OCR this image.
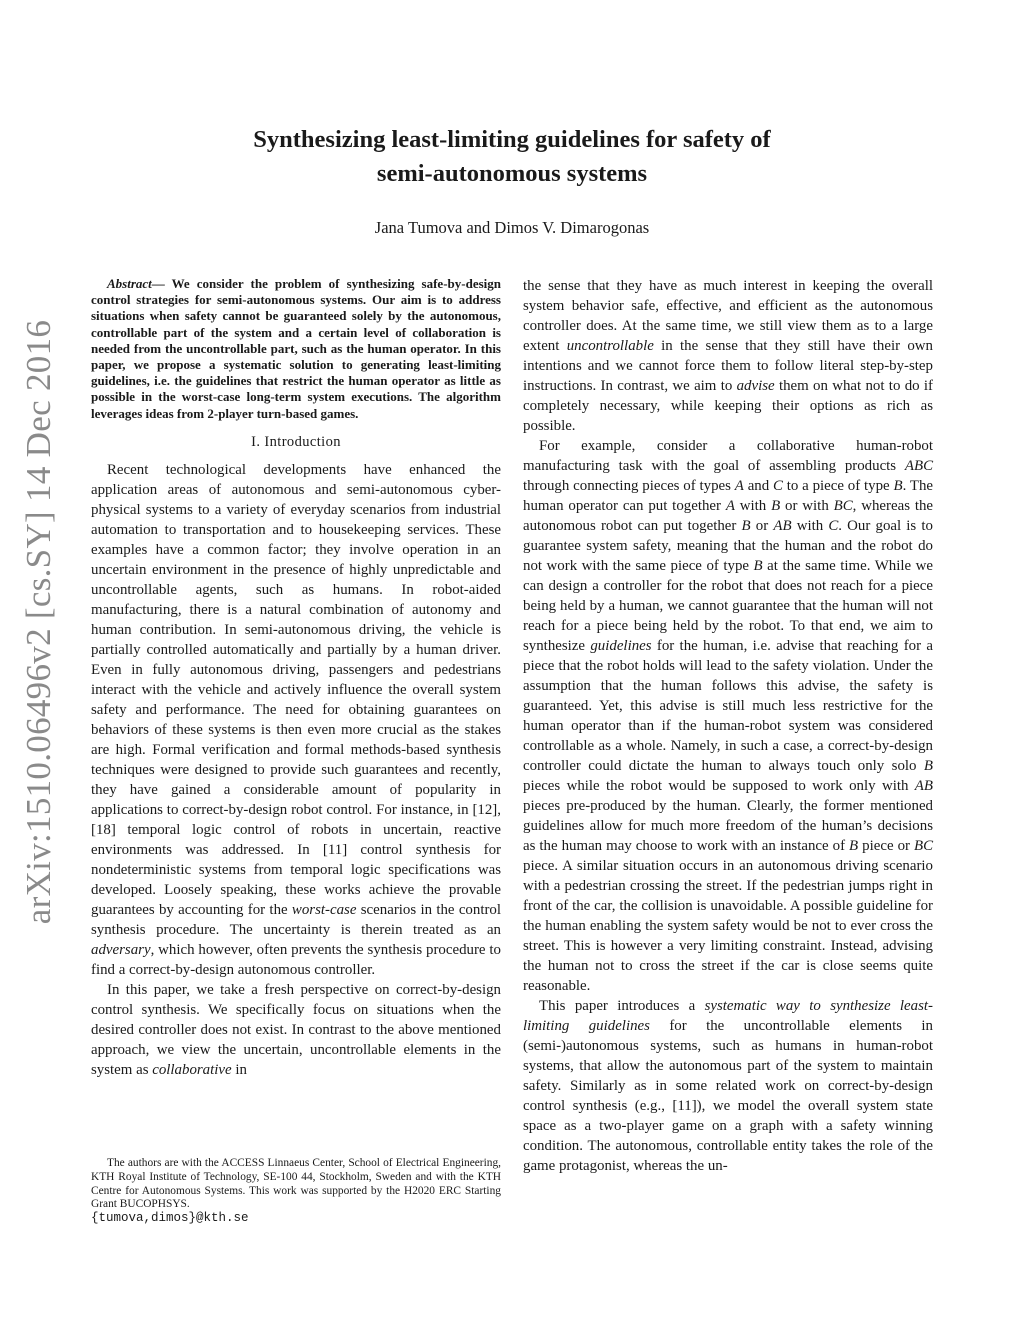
arXiv:1510.06496v2 [cs.SY] 14 Dec 2016
Synthesizing least-limiting guidelines for safety of
semi-autonomous systems
Jana Tumova and Dimos V. Dimarogonas

Abstract— We consider the problem of synthesizing safe-by-design control strategies for semi-autonomous systems. Our aim is to address situations when safety cannot be guaranteed solely by the autonomous, controllable part of the system and a certain level of collaboration is needed from the uncontrollable part, such as the human operator. In this paper, we propose a systematic solution to generating least-limiting guidelines, i.e. the guidelines that restrict the human operator as little as possible in the worst-case long-term system executions. The algorithm leverages ideas from 2-player turn-based games.

I. Introduction

Recent technological developments have enhanced the application areas of autonomous and semi-autonomous cyber-physical systems to a variety of everyday scenarios from industrial automation to transportation and to housekeeping services. These examples have a common factor; they involve operation in an uncertain environment in the presence of highly unpredictable and uncontrollable agents, such as humans. In robot-aided manufacturing, there is a natural combination of autonomy and human contribution. In semi-autonomous driving, the vehicle is partially controlled automatically and partially by a human driver. Even in fully autonomous driving, passengers and pedestrians interact with the vehicle and actively influence the overall system safety and performance. The need for obtaining guarantees on behaviors of these systems is then even more crucial as the stakes are high. Formal verification and formal methods-based synthesis techniques were designed to provide such guarantees and recently, they have gained a considerable amount of popularity in applications to correct-by-design robot control. For instance, in [12], [18] temporal logic control of robots in uncertain, reactive environments was addressed. In [11] control synthesis for nondeterministic systems from temporal logic specifications was developed. Loosely speaking, these works achieve the provable guarantees by accounting for the worst-case scenarios in the control synthesis procedure. The uncertainty is therein treated as an adversary, which however, often prevents the synthesis procedure to find a correct-by-design autonomous controller.

In this paper, we take a fresh perspective on correct-by-design control synthesis. We specifically focus on situations when the desired controller does not exist. In contrast to the above mentioned approach, we view the uncertain, uncontrollable elements in the system as collaborative in

The authors are with the ACCESS Linnaeus Center, School of Electrical Engineering, KTH Royal Institute of Technology, SE-100 44, Stockholm, Sweden and with the KTH Centre for Autonomous Systems. This work was supported by the H2020 ERC Starting Grant BUCOPHSYS.
{tumova,dimos}@kth.se

the sense that they have as much interest in keeping the overall system behavior safe, effective, and efficient as the autonomous controller does. At the same time, we still view them as to a large extent uncontrollable in the sense that they still have their own intentions and we cannot force them to follow literal step-by-step instructions. In contrast, we aim to advise them on what not to do if completely necessary, while keeping their options as rich as possible.

For example, consider a collaborative human-robot manufacturing task with the goal of assembling products ABC through connecting pieces of types A and C to a piece of type B. The human operator can put together A with B or with BC, whereas the autonomous robot can put together B or AB with C. Our goal is to guarantee system safety, meaning that the human and the robot do not work with the same piece of type B at the same time. While we can design a controller for the robot that does not reach for a piece being held by a human, we cannot guarantee that the human will not reach for a piece being held by the robot. To that end, we aim to synthesize guidelines for the human, i.e. advise that reaching for a piece that the robot holds will lead to the safety violation. Under the assumption that the human follows this advise, the safety is guaranteed. Yet, this advise is still much less restrictive for the human operator than if the human-robot system was considered controllable as a whole. Namely, in such a case, a correct-by-design controller could dictate the human to always touch only solo B pieces while the robot would be supposed to work only with AB pieces pre-produced by the human. Clearly, the former mentioned guidelines allow for much more freedom of the human’s decisions as the human may choose to work with an instance of B piece or BC piece. A similar situation occurs in an autonomous driving scenario with a pedestrian crossing the street. If the pedestrian jumps right in front of the car, the collision is unavoidable. A possible guideline for the human enabling the system safety would be not to ever cross the street. This is however a very limiting constraint. Instead, advising the human not to cross the street if the car is close seems quite reasonable.

This paper introduces a systematic way to synthesize least-limiting guidelines for the uncontrollable elements in (semi-)autonomous systems, such as humans in human-robot systems, that allow the autonomous part of the system to maintain safety. Similarly as in some related work on correct-by-design control synthesis (e.g., [11]), we model the overall system state space as a two-player game on a graph with a safety winning condition. The autonomous, controllable entity takes the role of the game protagonist, whereas the un-
